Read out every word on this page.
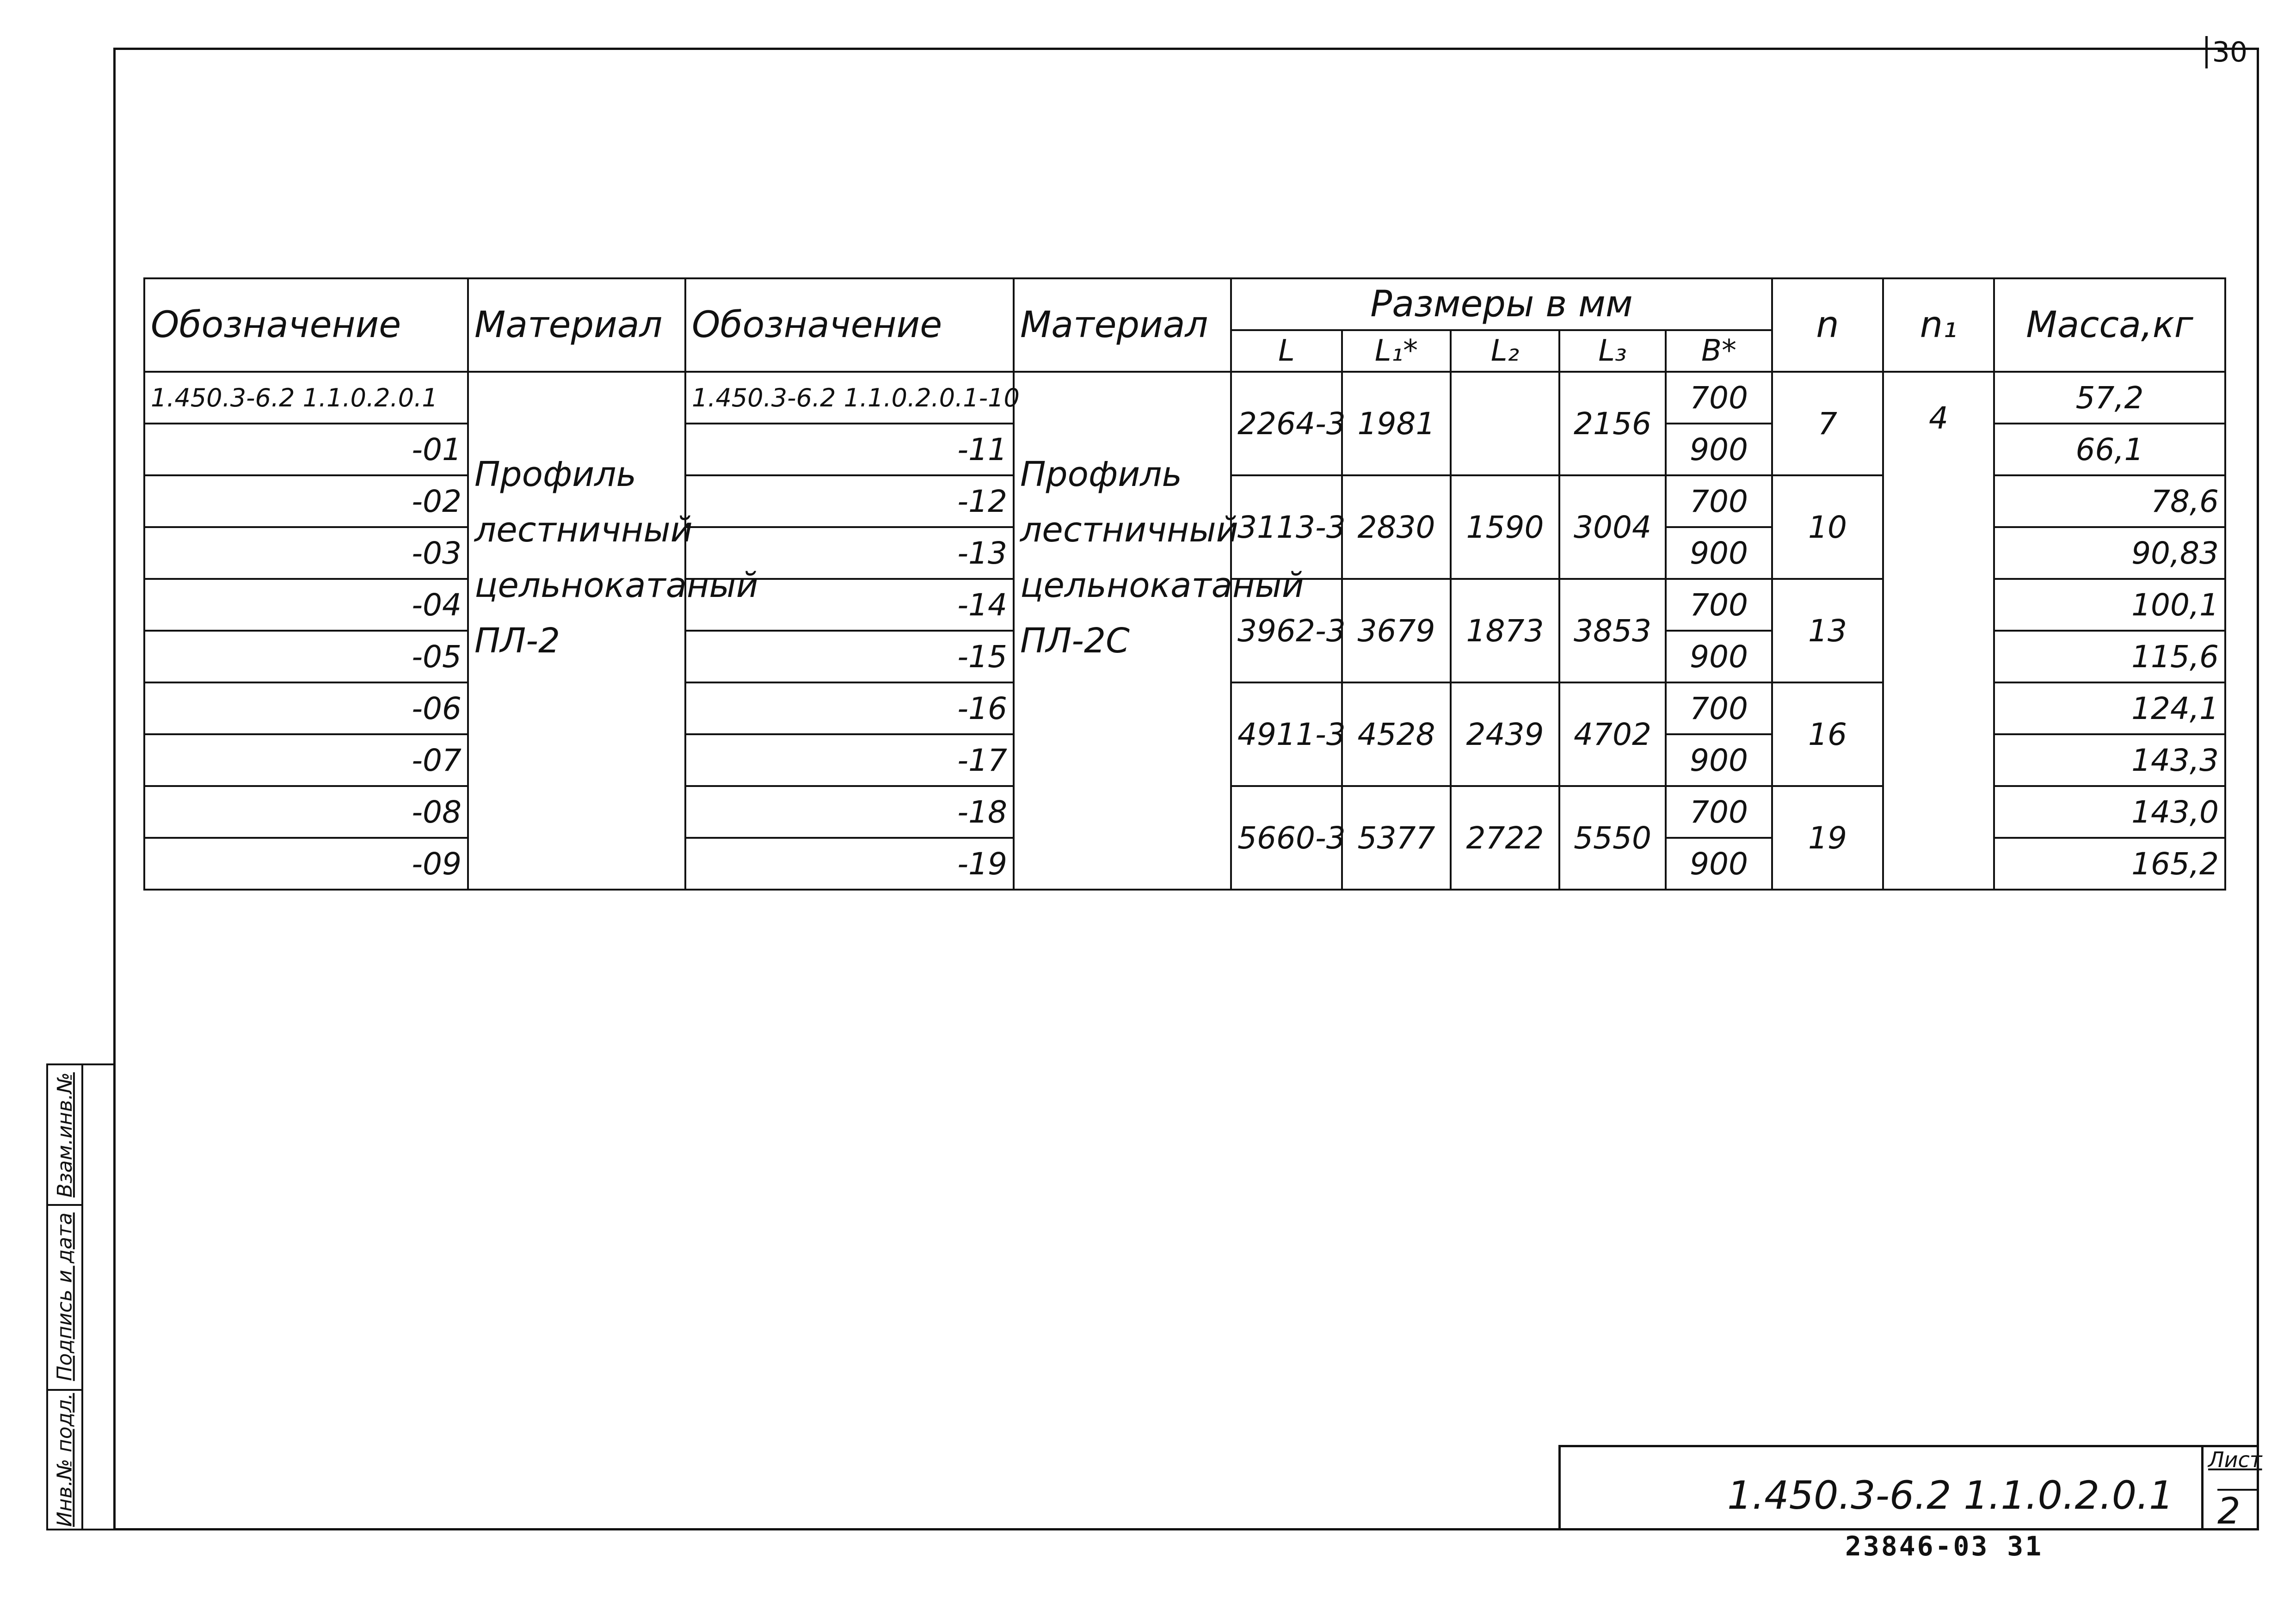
30
Обозначение	Материал	Обозначение	Материал	Размеры в мм					n	n₁	Масса,кг
				L	L₁*	L₂	L₃	B*			
1.450.3-6.2 1.1.0.2.0.1	Профиль лестничный цельнокатаный ПЛ-2	1.450.3-6.2 1.1.0.2.0.1-10	Профиль лестничный цельнокатаный ПЛ-2С	2264-3	1981		2156	700	7	4	57,2
-01		-11						900			66,1
-02		-12		3113-3	2830	1590	3004	700	10		78,6
-03		-13						900			90,83
-04		-14		3962-3	3679	1873	3853	700	13		100,1
-05		-15						900			115,6
-06		-16		4911-3	4528	2439	4702	700	16		124,1
-07		-17						900			143,3
-08		-18		5660-3	5377	2722	5550	700	19		143,0
-09		-19						900			165,2
Взам.инв.№
Подпись и дата
Инв.№ подл.	1.450.3-6.2 1.1.0.2.0.1
Лист
2
23846-03 31
